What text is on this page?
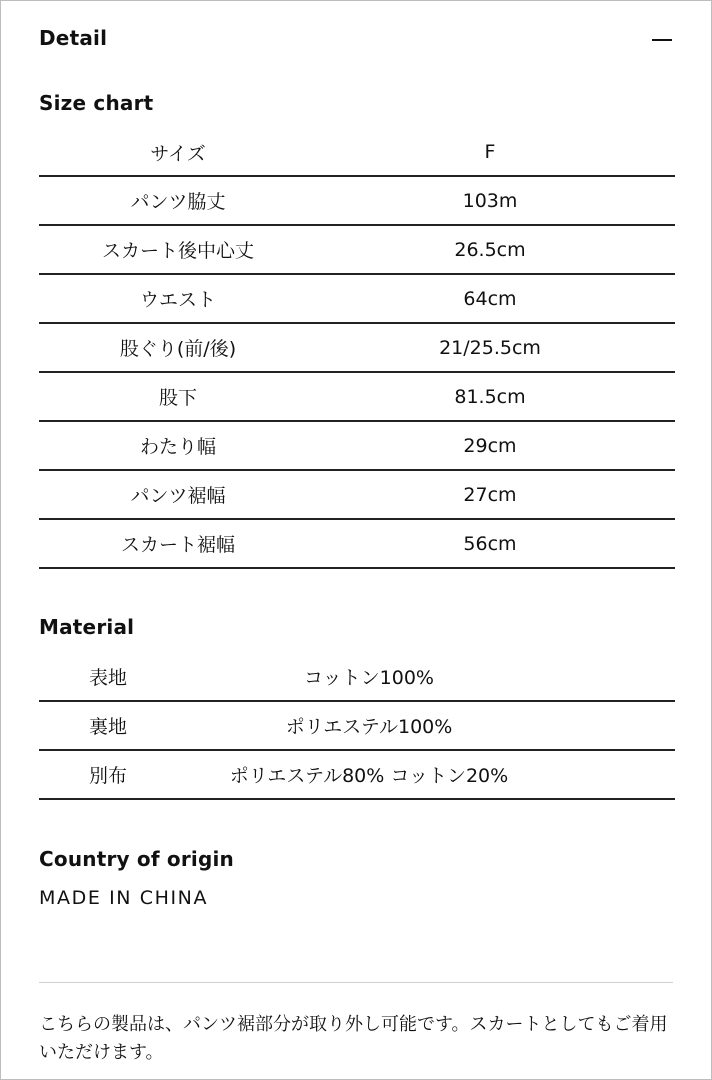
Detail
Size chart
サイズ	F
パンツ脇丈	103m
スカート後中心丈	26.5cm
ウエスト	64cm
股ぐり(前/後)	21/25.5cm
股下	81.5cm
わたり幅	29cm
パンツ裾幅	27cm
スカート裾幅	56cm
Material
表地	コットン100%
裏地	ポリエステル100%
別布	ポリエステル80% コットン20%
Country of origin
MADE IN CHINA
こちらの製品は、パンツ裾部分が取り外し可能です。スカートとしてもご着用いただけます。
